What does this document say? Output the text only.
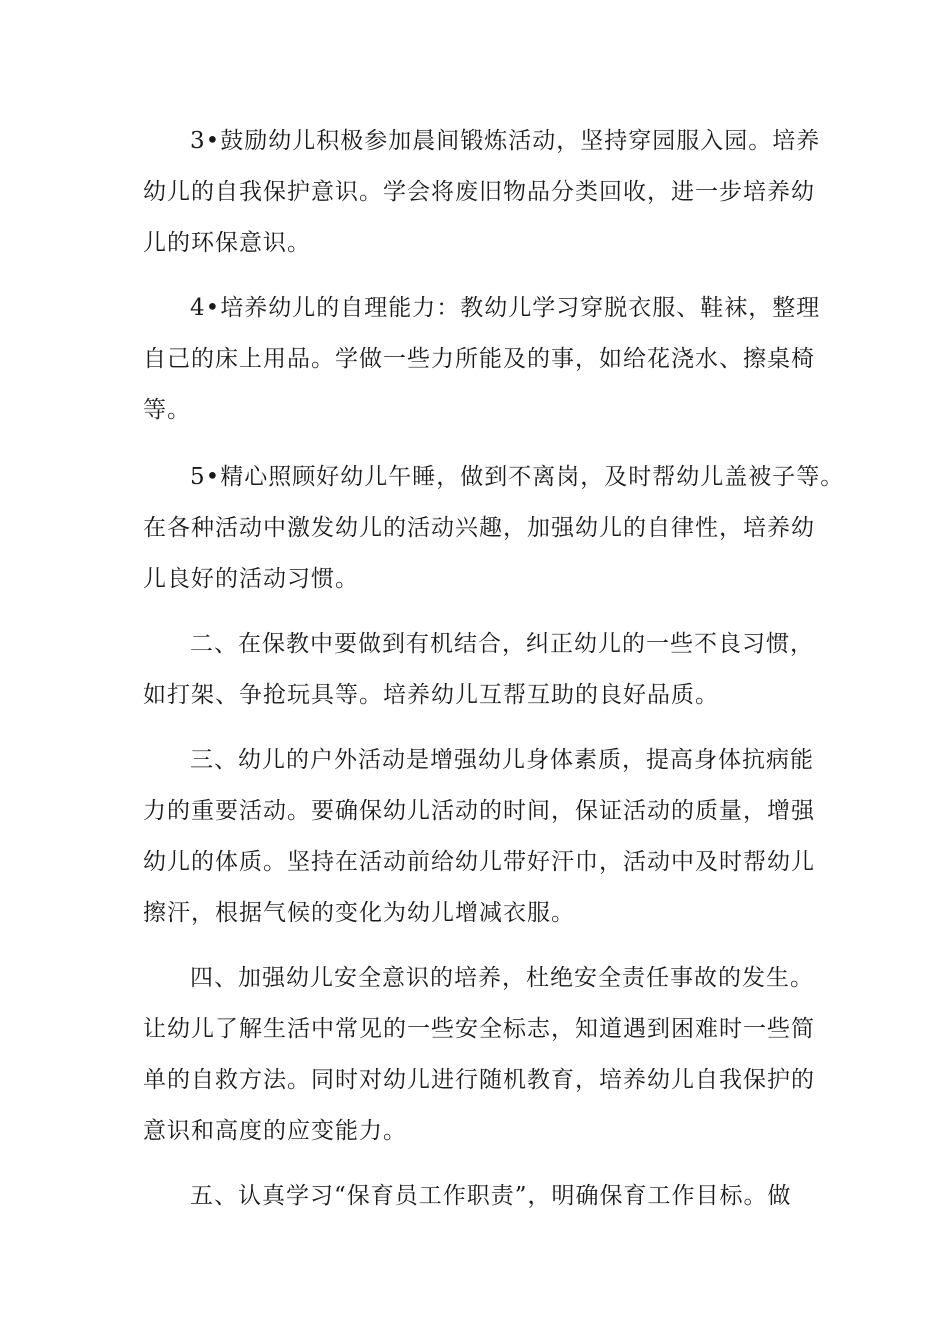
3•鼓励幼儿积极参加晨间锻炼活动，坚持穿园服入园。培养
幼儿的自我保护意识。学会将废旧物品分类回收，进一步培养幼
儿的环保意识。
4•培养幼儿的自理能力：教幼儿学习穿脱衣服、鞋袜，整理
自己的床上用品。学做一些力所能及的事，如给花浇水、擦桌椅
等。
5•精心照顾好幼儿午睡，做到不离岗，及时帮幼儿盖被子等。
在各种活动中激发幼儿的活动兴趣，加强幼儿的自律性，培养幼
儿良好的活动习惯。
二、在保教中要做到有机结合，纠正幼儿的一些不良习惯，
如打架、争抢玩具等。培养幼儿互帮互助的良好品质。
三、幼儿的户外活动是增强幼儿身体素质，提高身体抗病能
力的重要活动。要确保幼儿活动的时间，保证活动的质量，增强
幼儿的体质。坚持在活动前给幼儿带好汗巾，活动中及时帮幼儿
擦汗，根据气候的变化为幼儿增减衣服。
四、加强幼儿安全意识的培养，杜绝安全责任事故的发生。
让幼儿了解生活中常见的一些安全标志，知道遇到困难时一些简
单的自救方法。同时对幼儿进行随机教育，培养幼儿自我保护的
意识和高度的应变能力。
五、认真学习“保育员工作职责”，明确保育工作目标。做
